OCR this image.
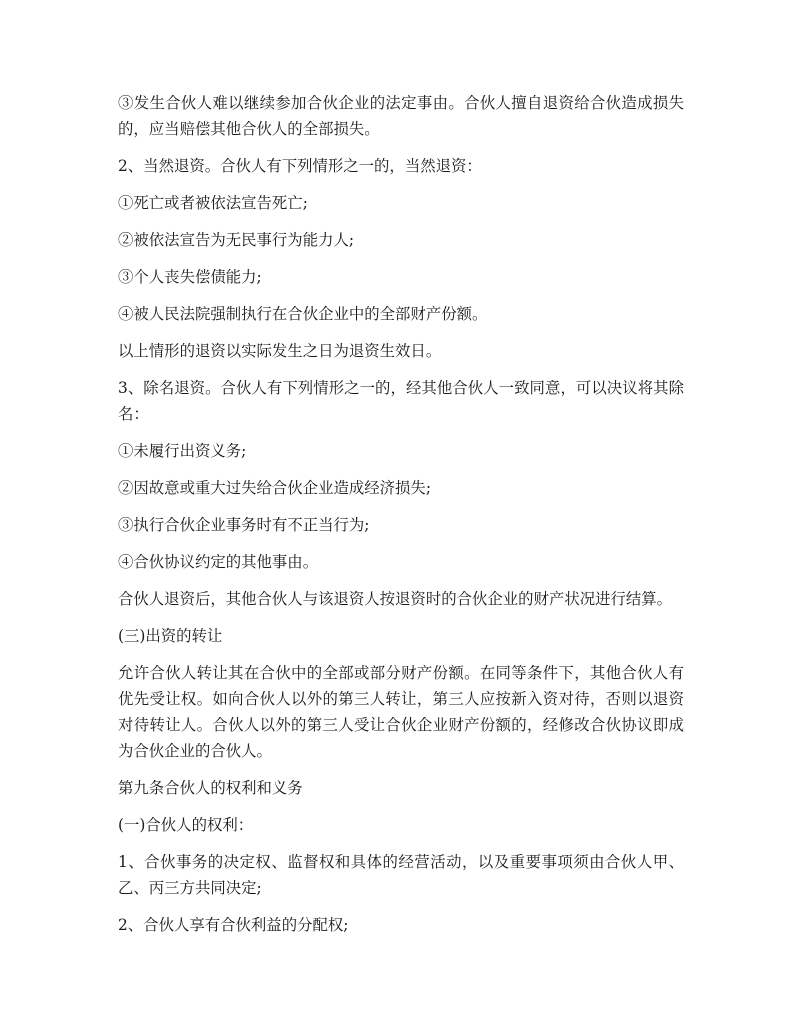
③发生合伙人难以继续参加合伙企业的法定事由。合伙人擅自退资给合伙造成损失的，应当赔偿其他合伙人的全部损失。

2、当然退资。合伙人有下列情形之一的，当然退资：

①死亡或者被依法宣告死亡;

②被依法宣告为无民事行为能力人;

③个人丧失偿债能力;

④被人民法院强制执行在合伙企业中的全部财产份额。

以上情形的退资以实际发生之日为退资生效日。

3、除名退资。合伙人有下列情形之一的，经其他合伙人一致同意，可以决议将其除名：

①未履行出资义务;

②因故意或重大过失给合伙企业造成经济损失;

③执行合伙企业事务时有不正当行为;

④合伙协议约定的其他事由。

合伙人退资后，其他合伙人与该退资人按退资时的合伙企业的财产状况进行结算。

(三)出资的转让

允许合伙人转让其在合伙中的全部或部分财产份额。在同等条件下，其他合伙人有优先受让权。如向合伙人以外的第三人转让，第三人应按新入资对待，否则以退资对待转让人。合伙人以外的第三人受让合伙企业财产份额的，经修改合伙协议即成为合伙企业的合伙人。

第九条合伙人的权利和义务

(一)合伙人的权利：

1、合伙事务的决定权、监督权和具体的经营活动，以及重要事项须由合伙人甲、乙、丙三方共同决定;

2、合伙人享有合伙利益的分配权;
